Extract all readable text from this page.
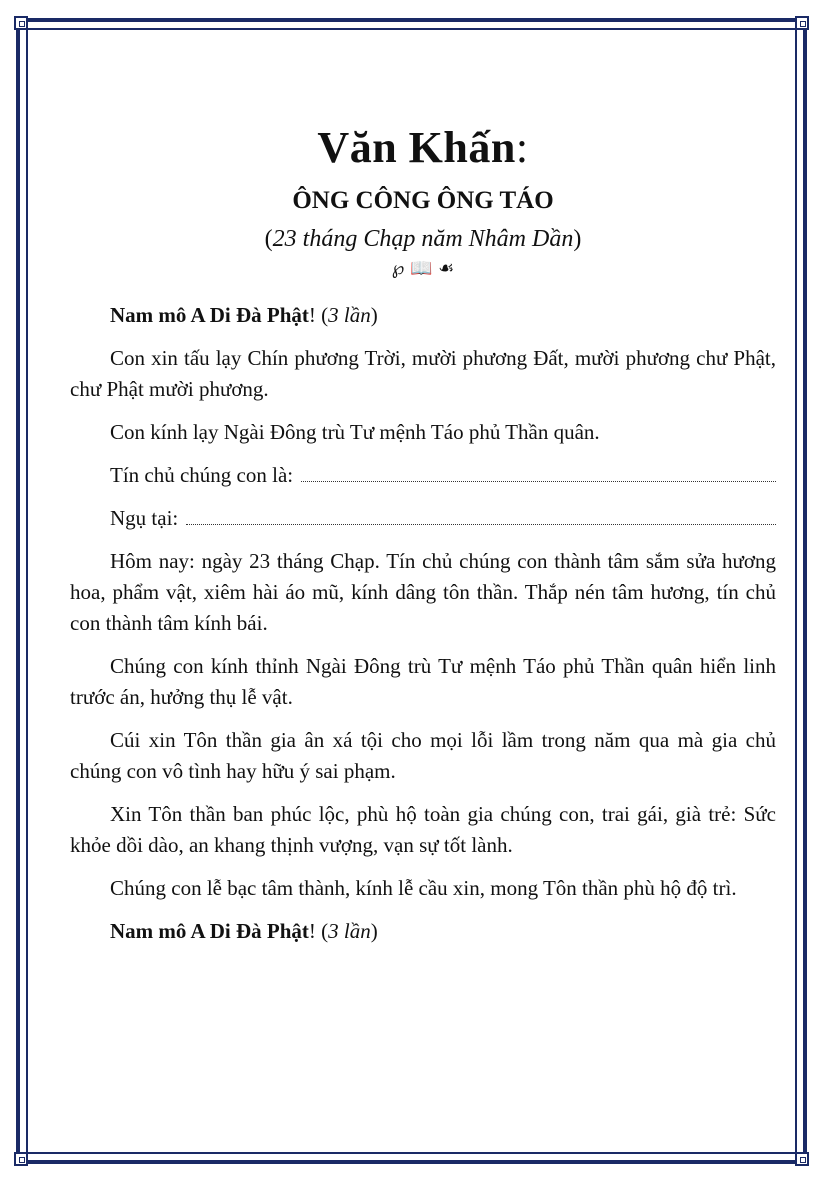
Văn Khấn:
ÔNG CÔNG ÔNG TÁO
(23 tháng Chạp năm Nhâm Dần)
℘ 📖 ☙

Nam mô A Di Đà Phật! (3 lần)

Con xin tấu lạy Chín phương Trời, mười phương Đất, mười phương chư Phật, chư Phật mười phương.

Con kính lạy Ngài Đông trù Tư mệnh Táo phủ Thần quân.

Tín chủ chúng con là:
Ngụ tại:

Hôm nay: ngày 23 tháng Chạp. Tín chủ chúng con thành tâm sắm sửa hương hoa, phẩm vật, xiêm hài áo mũ, kính dâng tôn thần. Thắp nén tâm hương, tín chủ con thành tâm kính bái.

Chúng con kính thỉnh Ngài Đông trù Tư mệnh Táo phủ Thần quân hiển linh trước án, hưởng thụ lễ vật.

Cúi xin Tôn thần gia ân xá tội cho mọi lỗi lầm trong năm qua mà gia chủ chúng con vô tình hay hữu ý sai phạm.

Xin Tôn thần ban phúc lộc, phù hộ toàn gia chúng con, trai gái, già trẻ: Sức khỏe dồi dào, an khang thịnh vượng, vạn sự tốt lành.

Chúng con lễ bạc tâm thành, kính lễ cầu xin, mong Tôn thần phù hộ độ trì.

Nam mô A Di Đà Phật! (3 lần)
